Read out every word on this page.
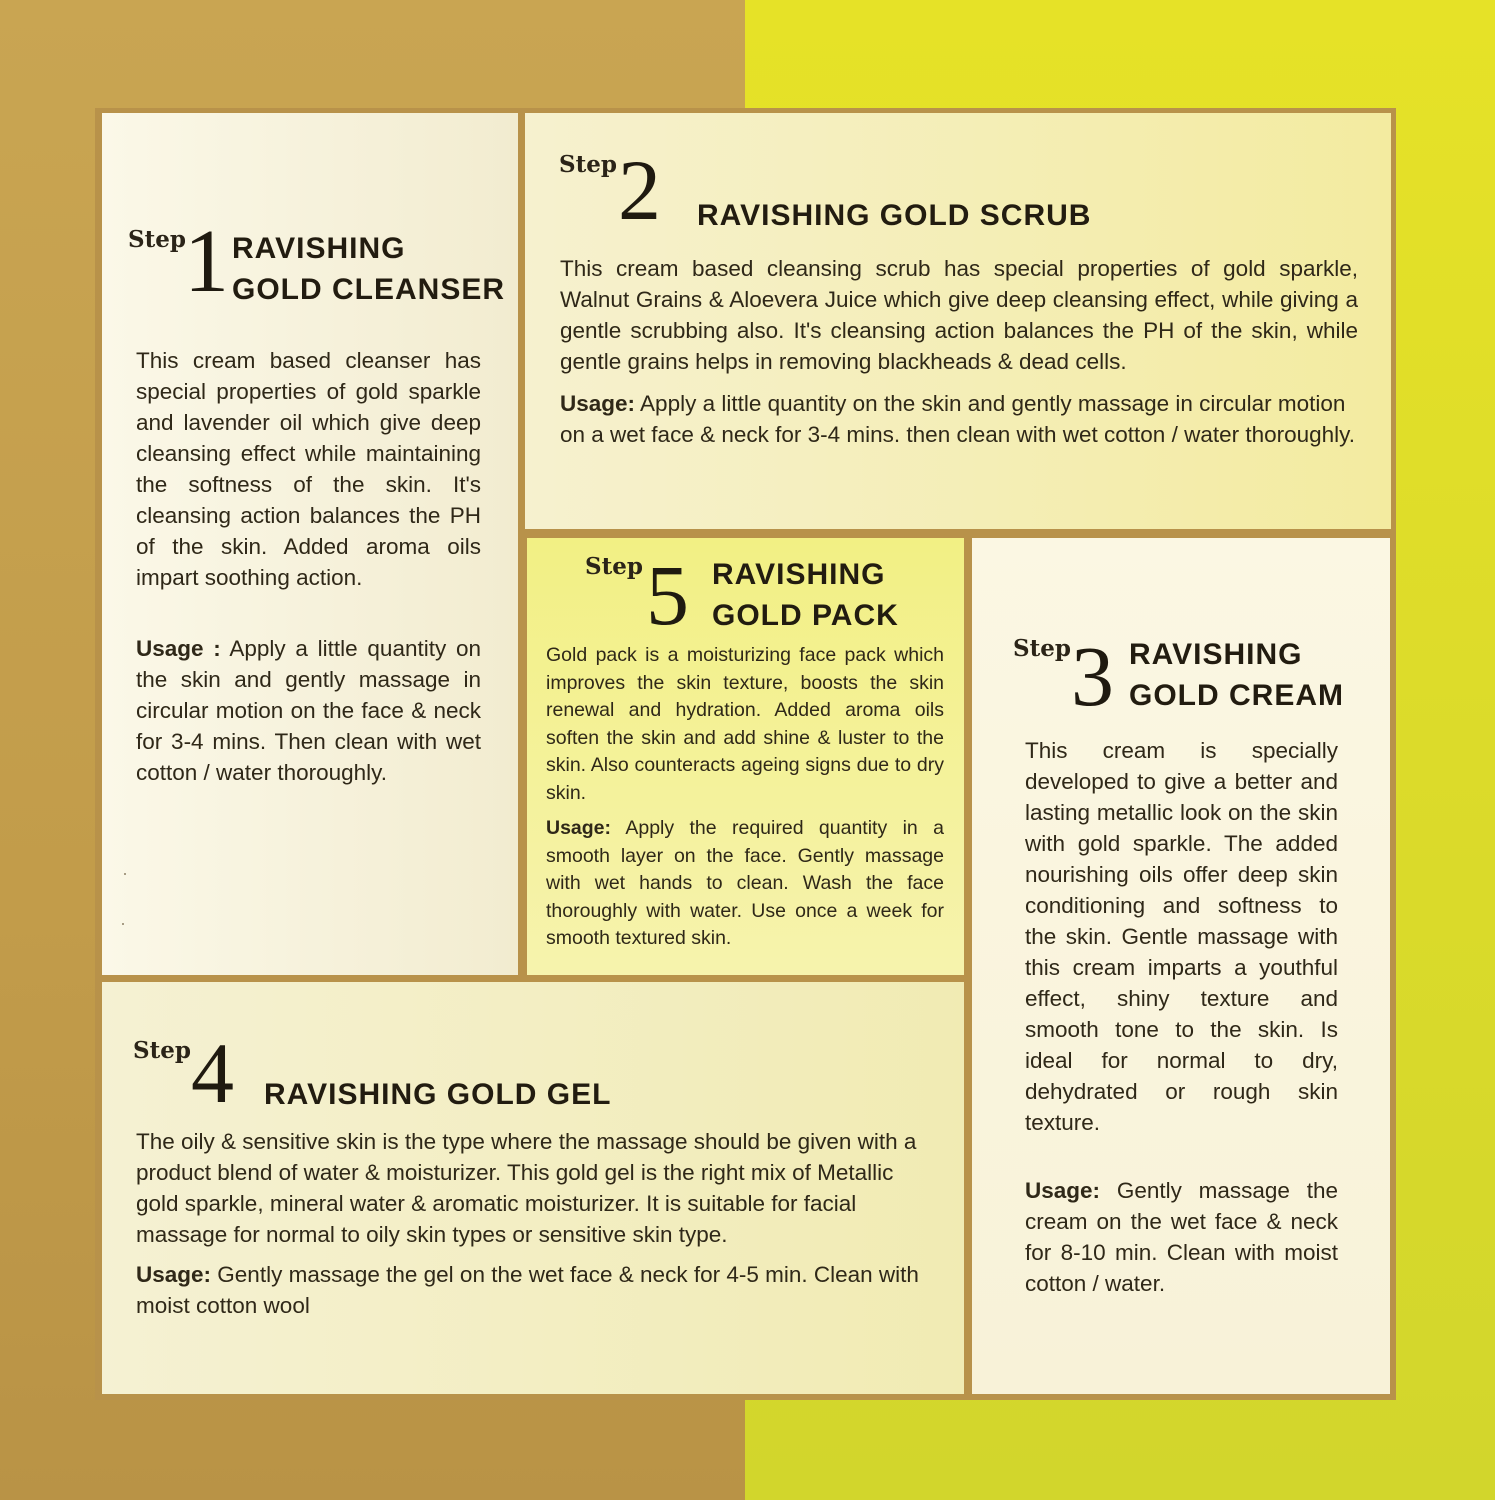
Step
1 RAVISHING
GOLD CLEANSER

This cream based cleanser has special properties of gold sparkle and lavender oil which give deep cleansing effect while maintaining the softness of the skin. It's cleansing action balances the PH of the skin. Added aroma oils impart soothing action.

Usage : Apply a little quantity on the skin and gently massage in circular motion on the face & neck for 3-4 mins. Then clean with wet cotton / water thoroughly.

Step 2 RAVISHING GOLD SCRUB

This cream based cleansing scrub has special properties of gold sparkle, Walnut Grains & Aloevera Juice which give deep cleansing effect, while giving a gentle scrubbing also. It's cleansing action balances the PH of the skin, while gentle grains helps in removing blackheads & dead cells.

Usage: Apply a little quantity on the skin and gently massage in circular motion on a wet face & neck for 3-4 mins. then clean with wet cotton / water thoroughly.

Step 5 RAVISHING
GOLD PACK

Gold pack is a moisturizing face pack which improves the skin texture, boosts the skin renewal and hydration. Added aroma oils soften the skin and add shine & luster to the skin. Also counteracts ageing signs due to dry skin.

Usage: Apply the required quantity in a smooth layer on the face. Gently massage with wet hands to clean. Wash the face thoroughly with water. Use once a week for smooth textured skin.

Step 3 RAVISHING
GOLD CREAM

This cream is specially developed to give a better and lasting metallic look on the skin with gold sparkle. The added nourishing oils offer deep skin conditioning and softness to the skin. Gentle massage with this cream imparts a youthful effect, shiny texture and smooth tone to the skin. Is ideal for normal to dry, dehydrated or rough skin texture.

Usage: Gently massage the cream on the wet face & neck for 8-10 min. Clean with moist cotton / water.

Step 4 RAVISHING GOLD GEL

The oily & sensitive skin is the type where the massage should be given with a product blend of water & moisturizer. This gold gel is the right mix of Metallic gold sparkle, mineral water & aromatic moisturizer. It is suitable for facial massage for normal to oily skin types or sensitive skin type.

Usage: Gently massage the gel on the wet face & neck for 4-5 min. Clean with moist cotton wool
